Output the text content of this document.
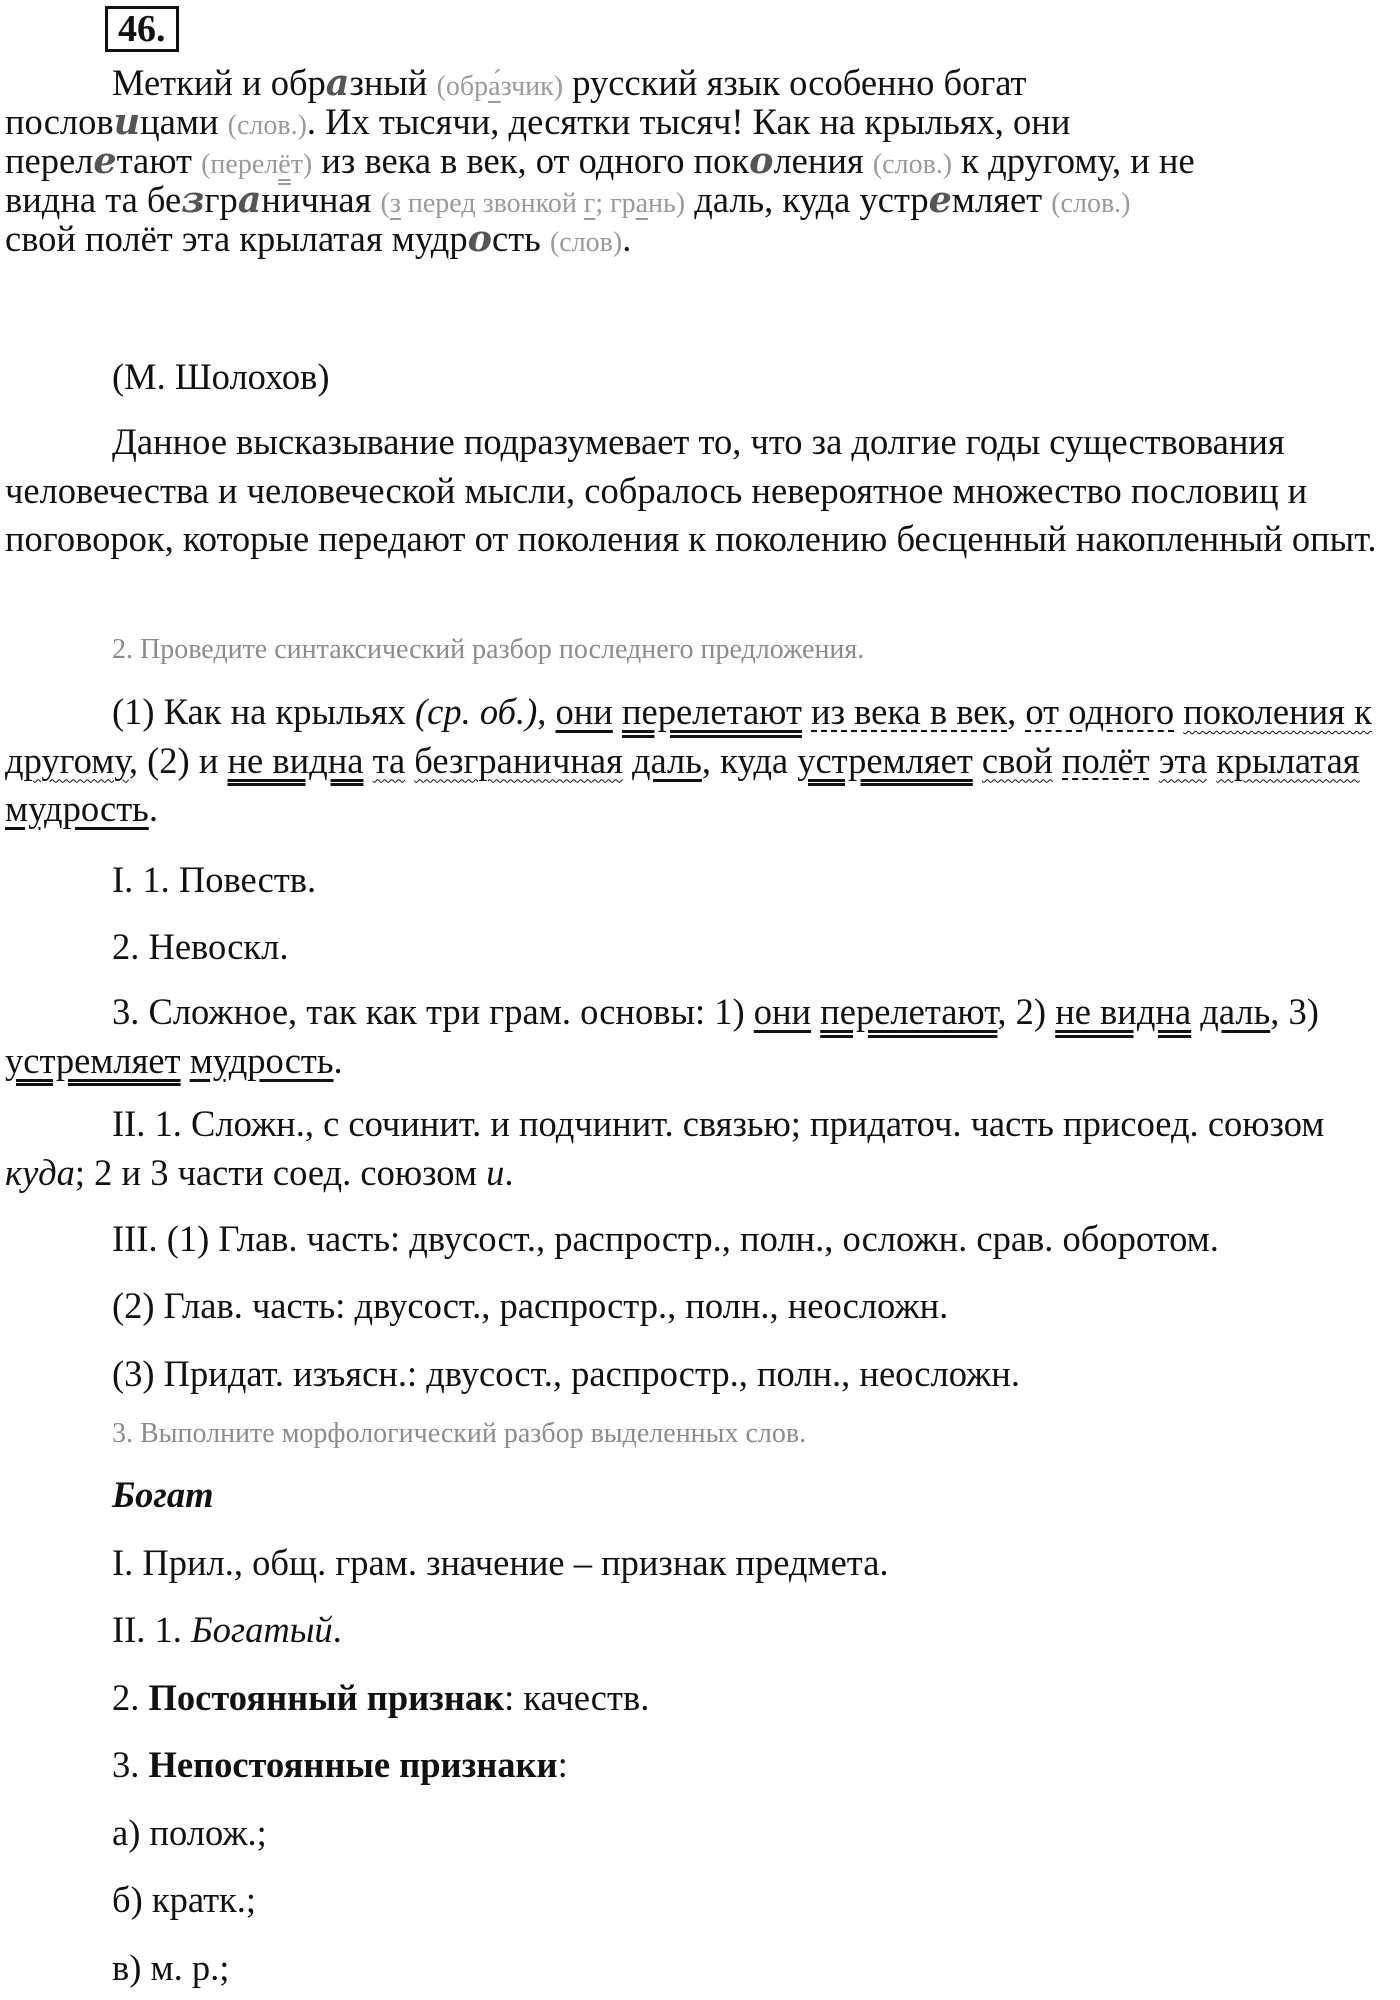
46.
Меткий и образный (обра́зчик) русский язык особенно богат
пословицами (слов.). Их тысячи, десятки тысяч! Как на крыльях, они
перелетают (перелёт) из века в век, от одного поколения (слов.) к другому, и не
видна та безграничная (з перед звонкой г; грань) даль, куда устремляет (слов.)
свой полёт эта крылатая мудрость (слов).
(М. Шолохов)
Данное высказывание подразумевает то, что за долгие годы существования человечества и человеческой мысли, собралось невероятное множество пословиц и поговорок, которые передают от поколения к поколению бесценный накопленный опыт.
2. Проведите синтаксический разбор последнего предложения.
(1) Как на крыльях (ср. об.), они перелетают из века в век, от одного поколения к другому, (2) и не видна та безграничная даль, куда устремляет свой полёт эта крылатая мудрость.
I. 1. Повеств.
2. Невоскл.
3. Сложное, так как три грам. основы: 1) они перелетают, 2) не видна даль, 3) устремляет мудрость.
II. 1. Сложн., с сочинит. и подчинит. связью; придаточ. часть присоед. союзом куда; 2 и 3 части соед. союзом и.
III. (1) Глав. часть: двусост., распростр., полн., осложн. срав. оборотом.
(2) Глав. часть: двусост., распростр., полн., неосложн.
(3) Придат. изъясн.: двусост., распростр., полн., неосложн.
3. Выполните морфологический разбор выделенных слов.
Богат
I. Прил., общ. грам. значение – признак предмета.
II. 1. Богатый.
2. Постоянный признак: качеств.
3. Непостоянные признаки:
а) полож.;
б) кратк.;
в) м. р.;
